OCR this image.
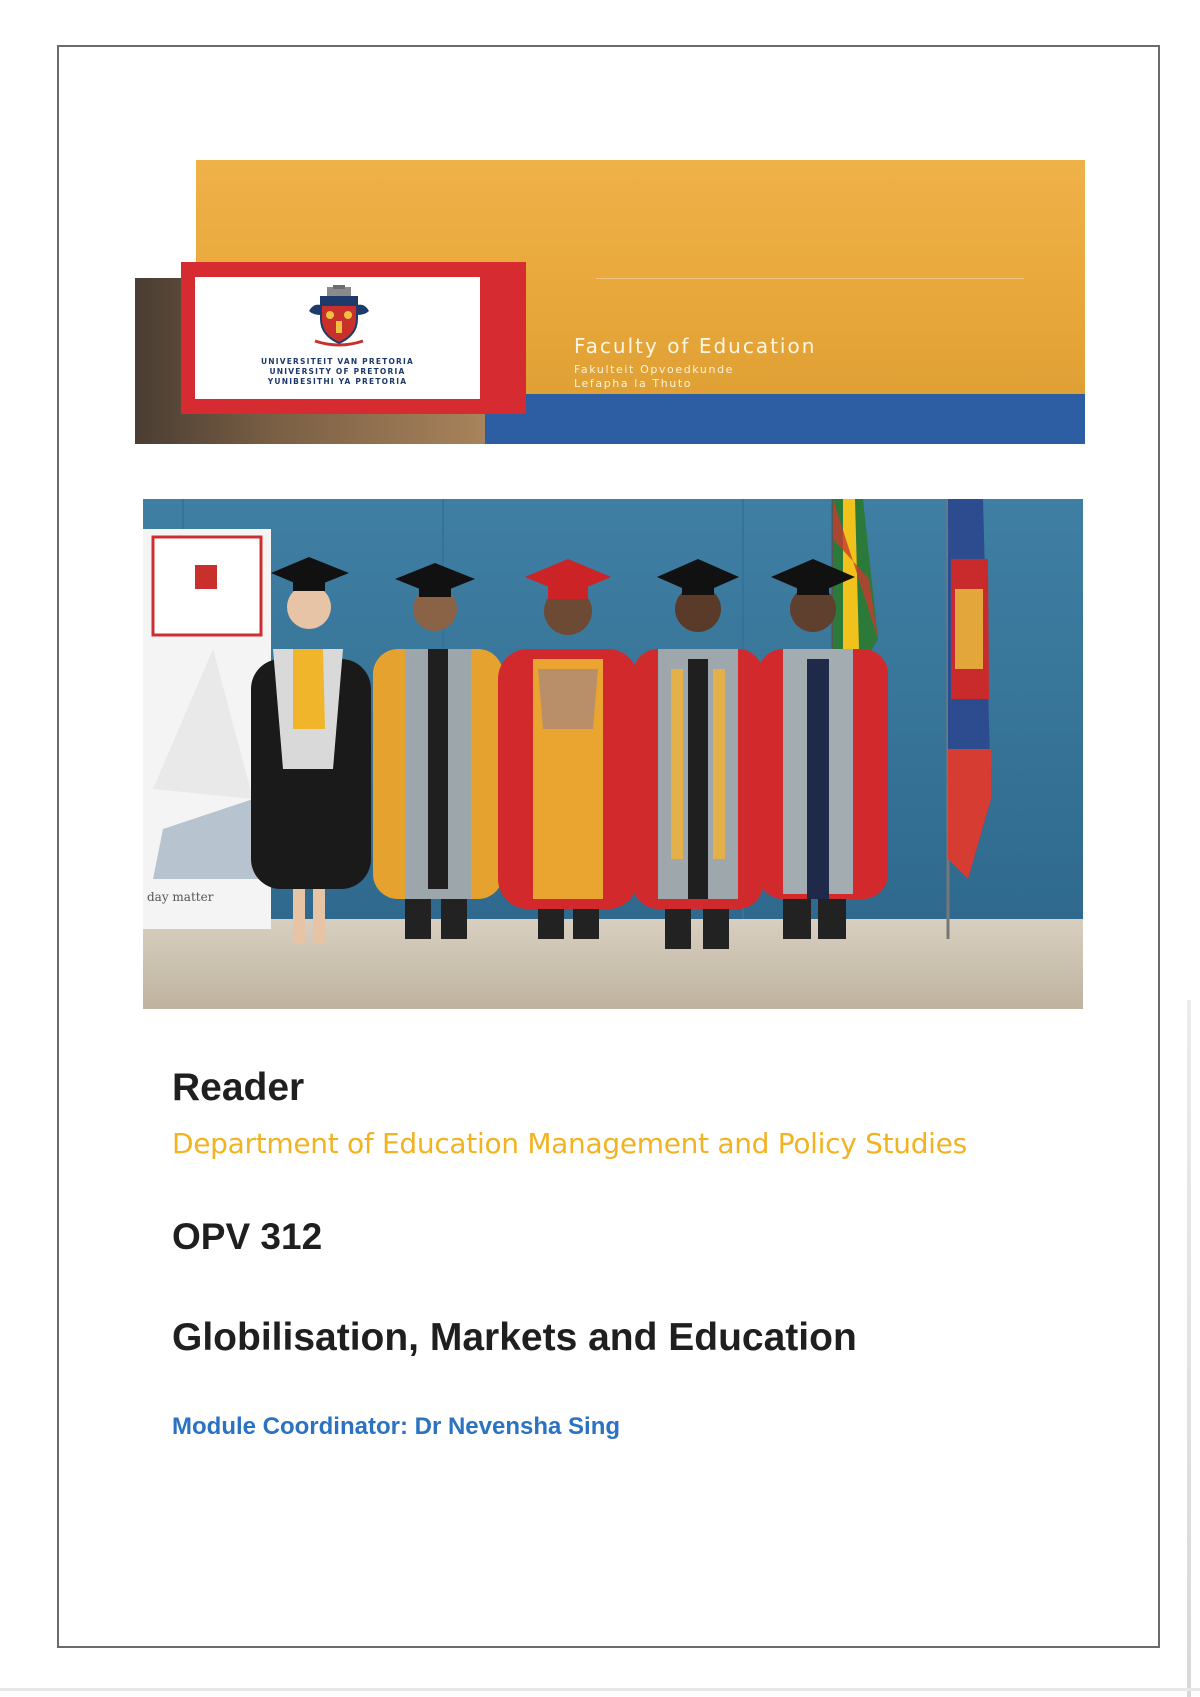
UNIVERSITEIT VAN PRETORIA
UNIVERSITY OF PRETORIA
YUNIBESITHI YA PRETORIA
Faculty of Education
Fakulteit Opvoedkunde
Lefapha la Thuto
day matter
Reader
Department of Education Management and Policy Studies
OPV 312
Globilisation, Markets and Education
Module Coordinator: Dr Nevensha Sing
